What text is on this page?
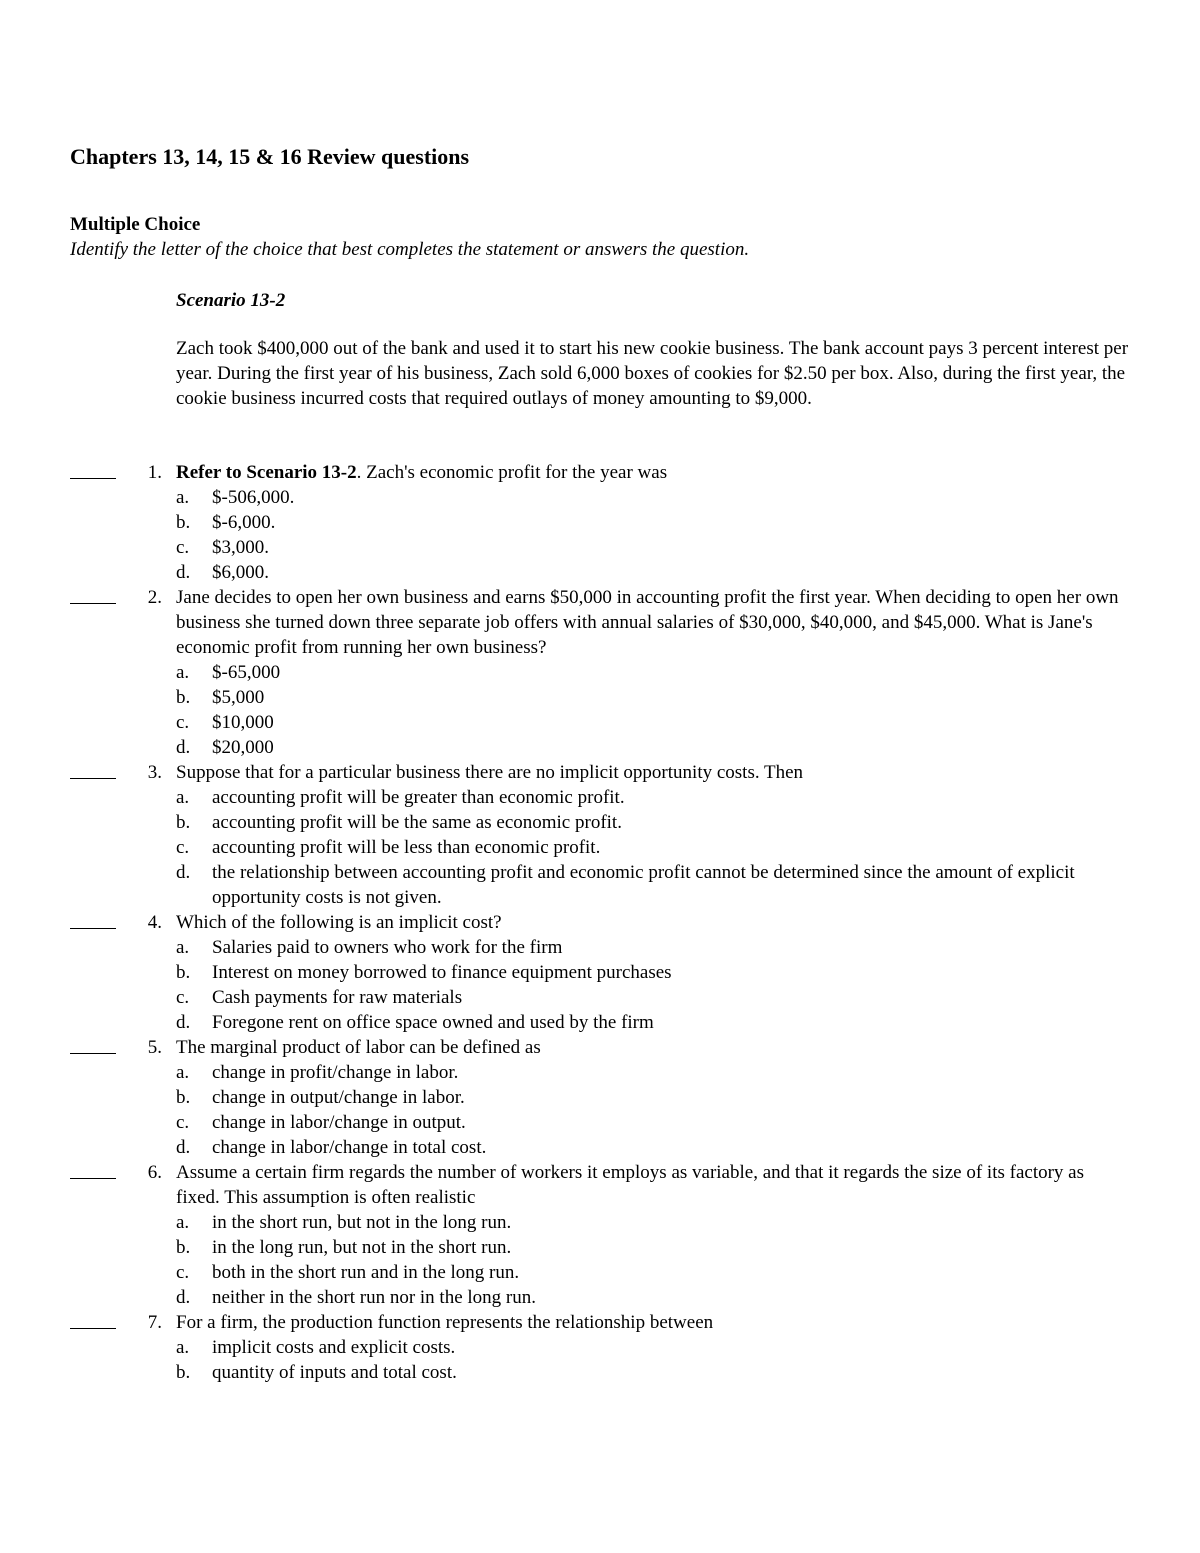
Chapters 13, 14, 15 & 16 Review questions
Multiple Choice
Identify the letter of the choice that best completes the statement or answers the question.
Scenario 13-2
Zach took $400,000 out of the bank and used it to start his new cookie business. The bank account pays 3 percent interest per year. During the first year of his business, Zach sold 6,000 boxes of cookies for $2.50 per box. Also, during the first year, the cookie business incurred costs that required outlays of money amounting to $9,000.
1. Refer to Scenario 13-2. Zach's economic profit for the year was
a. $-506,000.
b. $-6,000.
c. $3,000.
d. $6,000.
2. Jane decides to open her own business and earns $50,000 in accounting profit the first year. When deciding to open her own business she turned down three separate job offers with annual salaries of $30,000, $40,000, and $45,000. What is Jane's economic profit from running her own business?
a. $-65,000
b. $5,000
c. $10,000
d. $20,000
3. Suppose that for a particular business there are no implicit opportunity costs. Then
a. accounting profit will be greater than economic profit.
b. accounting profit will be the same as economic profit.
c. accounting profit will be less than economic profit.
d. the relationship between accounting profit and economic profit cannot be determined since the amount of explicit opportunity costs is not given.
4. Which of the following is an implicit cost?
a. Salaries paid to owners who work for the firm
b. Interest on money borrowed to finance equipment purchases
c. Cash payments for raw materials
d. Foregone rent on office space owned and used by the firm
5. The marginal product of labor can be defined as
a. change in profit/change in labor.
b. change in output/change in labor.
c. change in labor/change in output.
d. change in labor/change in total cost.
6. Assume a certain firm regards the number of workers it employs as variable, and that it regards the size of its factory as fixed. This assumption is often realistic
a. in the short run, but not in the long run.
b. in the long run, but not in the short run.
c. both in the short run and in the long run.
d. neither in the short run nor in the long run.
7. For a firm, the production function represents the relationship between
a. implicit costs and explicit costs.
b. quantity of inputs and total cost.
